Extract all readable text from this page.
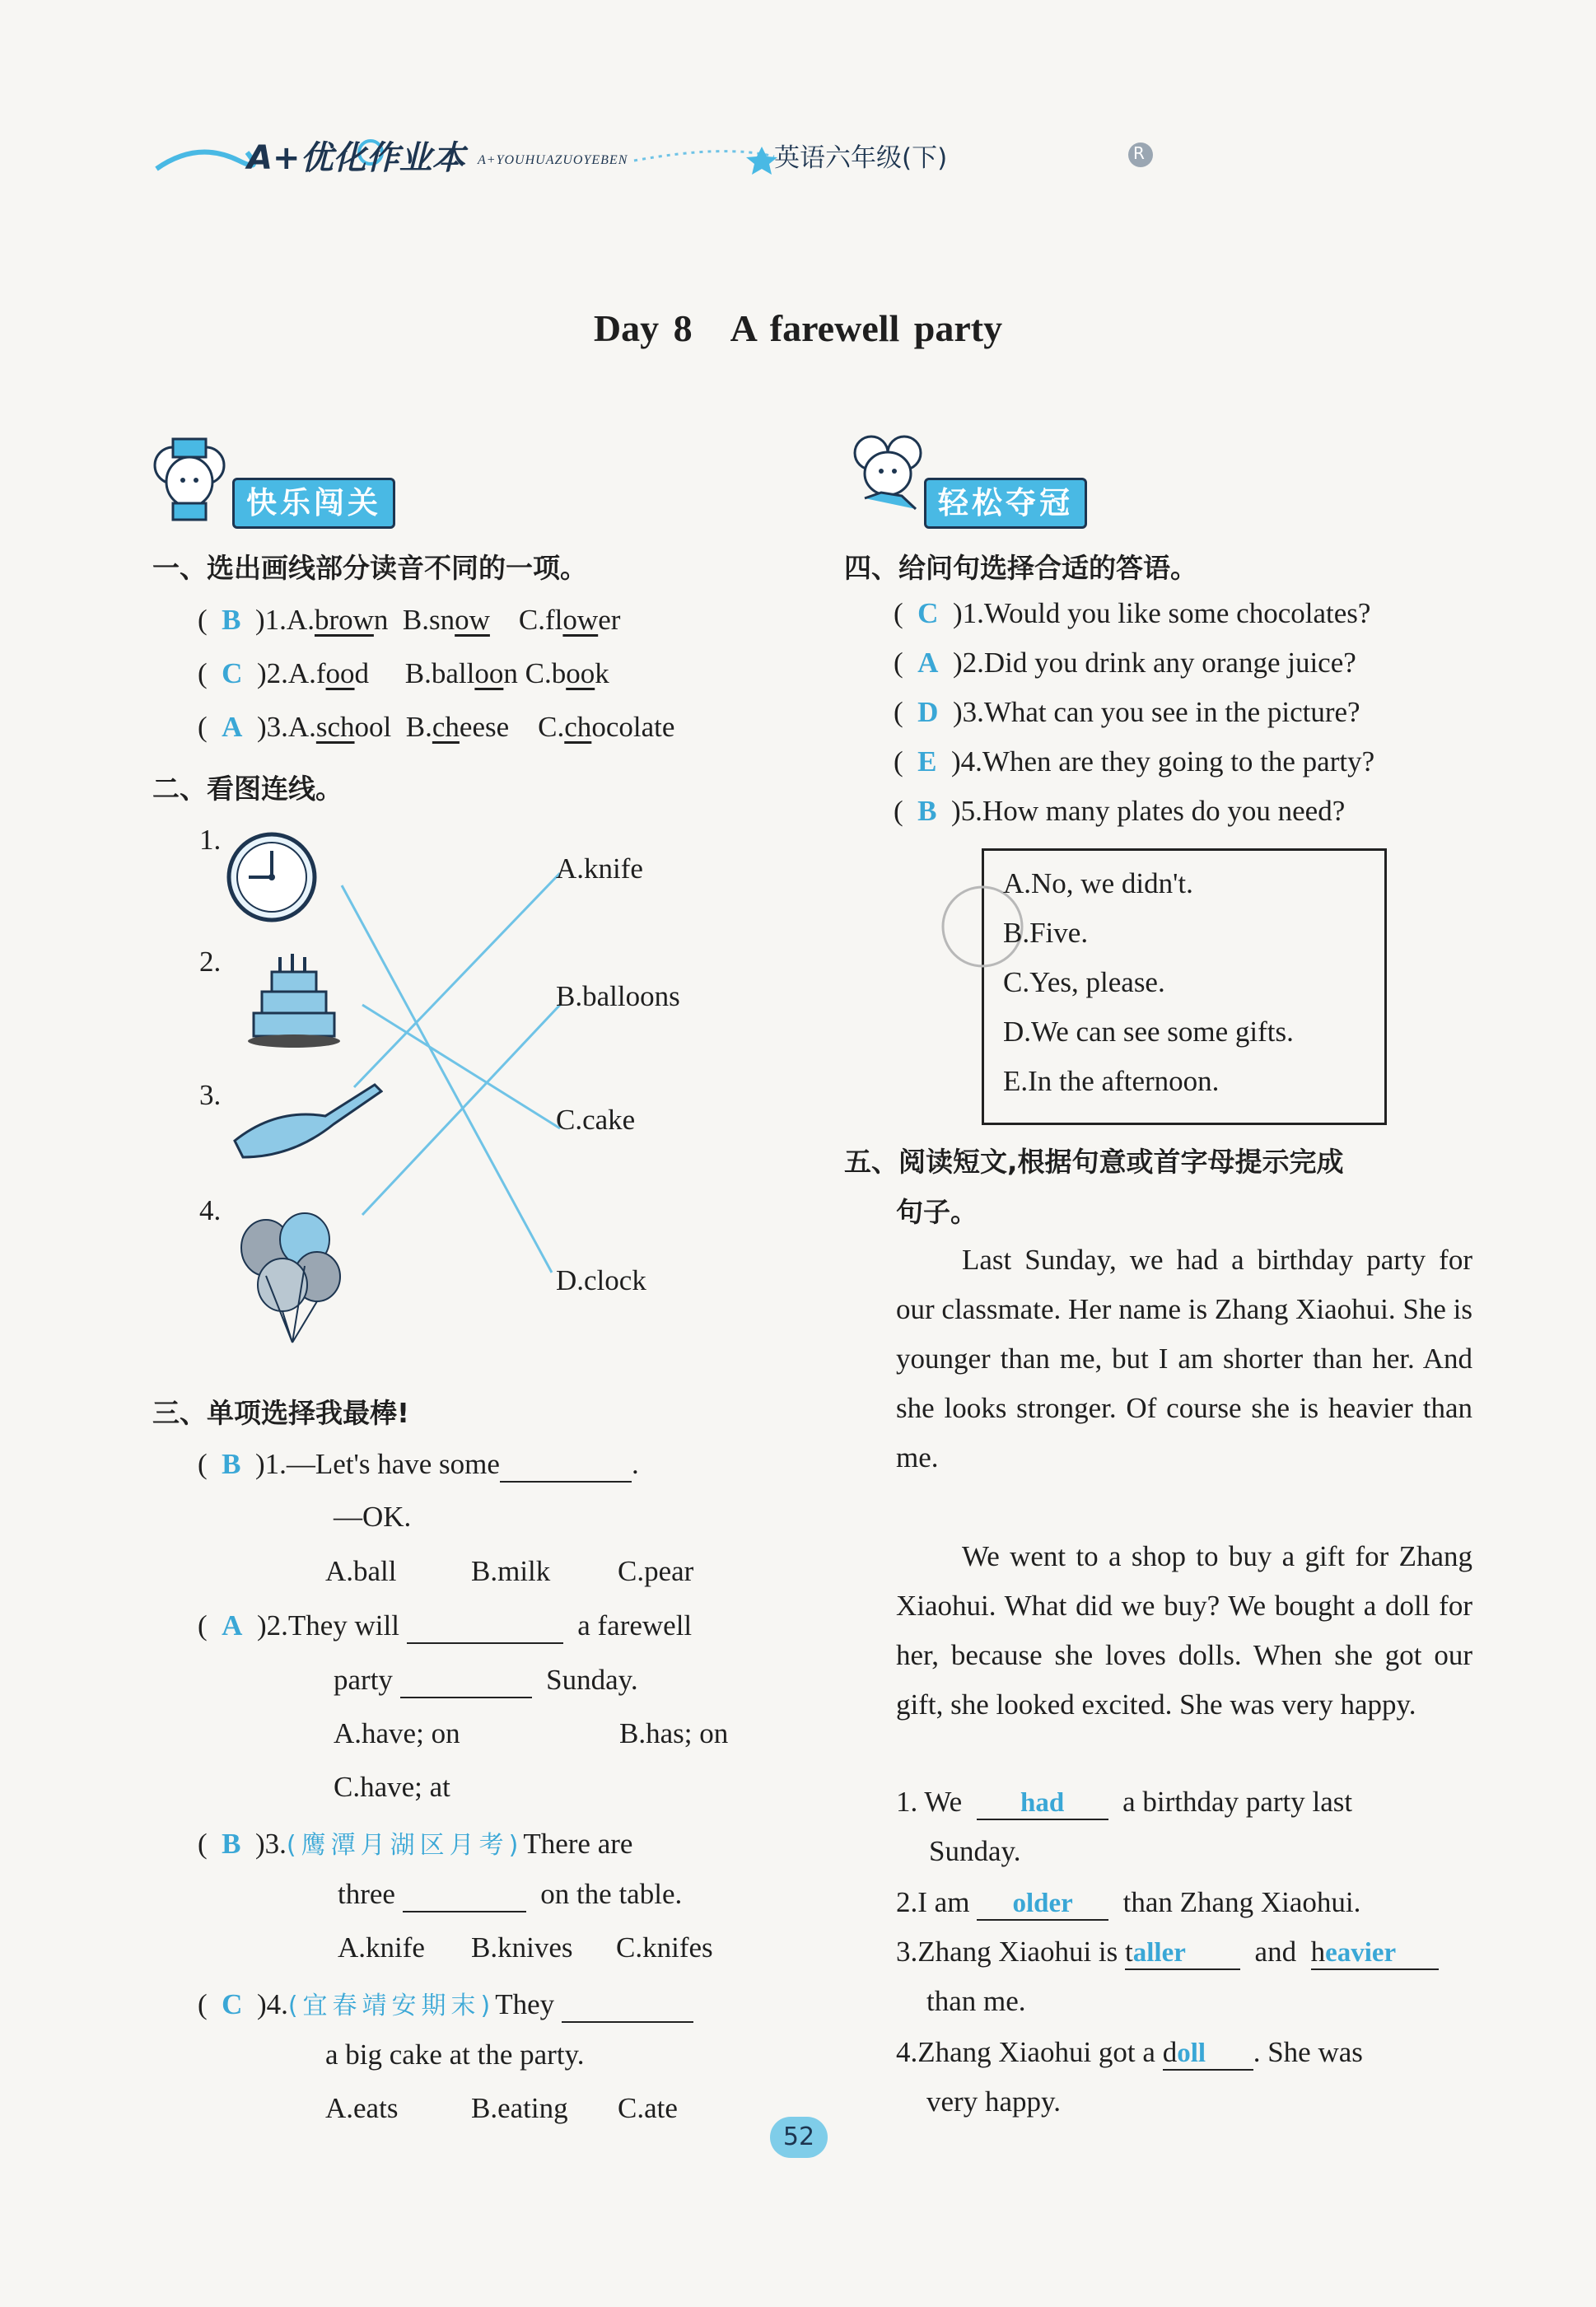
A+优化作业本 A+YOUHUAZUOYEBEN	英语六年级(下)	R
Day 8　A farewell party
快乐闯关	轻松夺冠
一、选出画线部分读音不同的一项。
(  B )1.A.brown B.snow C.flower
(  C )2.A.food B.balloon C.book
(  A )3.A.school B.cheese C.chocolate
二、看图连线。
1.
2.
3.
4.
A.knife
B.balloons
C.cake
D.clock
三、单项选择我最棒!
(  B )1.—Let's have some	.
—OK.
A.ball	B.milk C.pear
(  A )2.They will	a farewell
party	Sunday.
A.have; on	B.has; on
C.have; at
(  B )3.(鹰潭月湖区月考)There are
three	on the table.
A.knife B.knives C.knifes
(  C )4.(宜春靖安期末)They
a big cake at the party.
A.eats	B.eating C.ate
四、给问句选择合适的答语。
(  C )1.Would you like some chocolates?
(  A )2.Did you drink any orange juice?
(  D )3.What can you see in the picture?
(  E )4.When are they going to the party?
(  B )5.How many plates do you need?
A.No, we didn't.
B.Five.
C.Yes, please.
D.We can see some gifts.
E.In the afternoon.
五、阅读短文,根据句意或首字母提示完成
句子。
Last Sunday, we had a birthday party for our classmate. Her name is Zhang Xiaohui. She is younger than me, but I am shorter than her. And she looks stronger. Of course she is heavier than me.
We went to a shop to buy a gift for Zhang Xiaohui. What did we buy? We bought a doll for her, because she loves dolls. When she got our gift, she looked excited. She was very happy.
1. We had a birthday party last
Sunday.
2.I am older than Zhang Xiaohui.
3.Zhang Xiaohui is taller and heavier
than me.
4.Zhang Xiaohui got a doll . She was
very happy.
52
